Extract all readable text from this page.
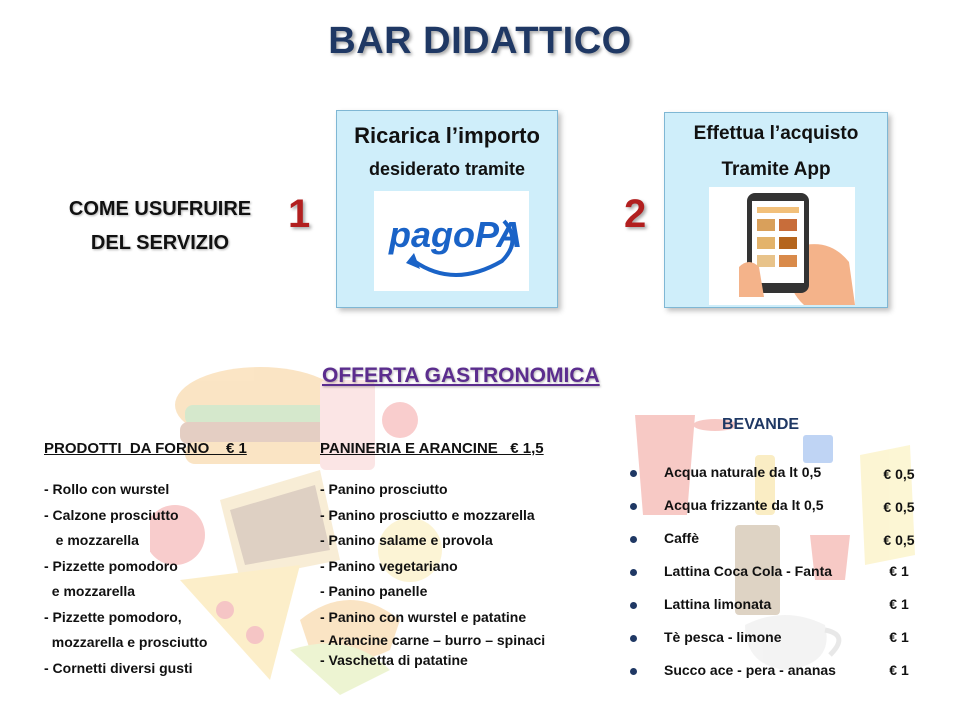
BAR DIDATTICO
COME USUFRUIRE
DEL SERVIZIO
1
Ricarica l’importo
desiderato tramite
pagoPA	2
Effettua l’acquisto
Tramite App
OFFERTA GASTRONOMICA
PRODOTTI  DA FORNO    € 1
- Rollo con wurstel
- Calzone prosciutto
e mozzarella
- Pizzette pomodoro
e mozzarella
- Pizzette pomodoro,
mozzarella e prosciutto
- Cornetti diversi gusti
PANINERIA E ARANCINE   € 1,5
- Panino prosciutto
- Panino prosciutto e mozzarella
- Panino salame e provola
- Panino vegetariano
- Panino panelle
- Panino con wurstel e patatine
- Arancine carne – burro – spinaci
- Vaschetta di patatine
BEVANDE
Acqua naturale da lt 0,5	€ 0,5
Acqua frizzante da lt 0,5	€ 0,5
Caffè	€ 0,5
Lattina Coca Cola - Fanta	€ 1
Lattina limonata	€ 1
Tè pesca - limone	€ 1
Succo ace - pera - ananas	€ 1
